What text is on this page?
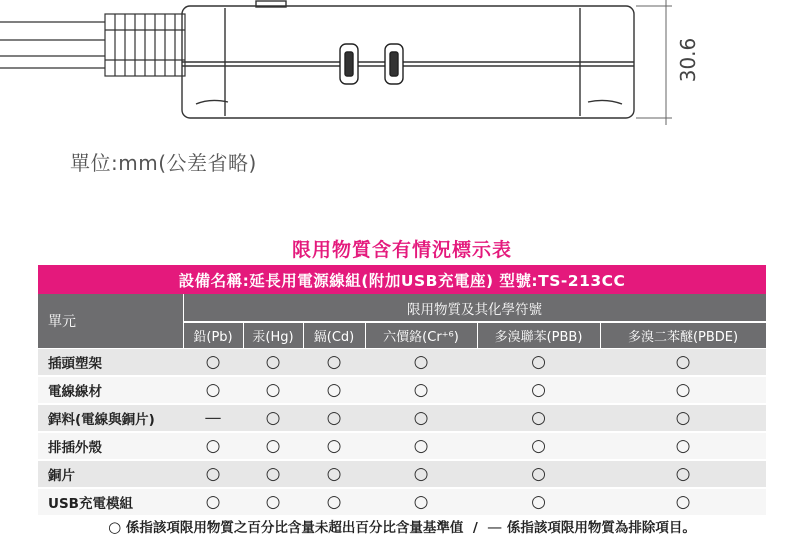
30.6
單位:mm(公差省略)
限用物質含有情況標示表
設備名稱:延長用電源線組(附加USB充電座) 型號:TS-213CC
單元	限用物質及其化學符號					
	鉛(Pb)	汞(Hg)	鎘(Cd)	六價鉻(Cr⁺⁶)	多溴聯苯(PBB)	多溴二苯醚(PBDE)
插頭塑架	○	○	○	○	○	○
電線線材	○	○	○	○	○	○
銲料(電線與銅片)	—	○	○	○	○	○
排插外殼	○	○	○	○	○	○
銅片	○	○	○	○	○	○
USB充電模組	○	○	○	○	○	○
○ 係指該項限用物質之百分比含量未超出百分比含量基準值 / — 係指該項限用物質為排除項目。
